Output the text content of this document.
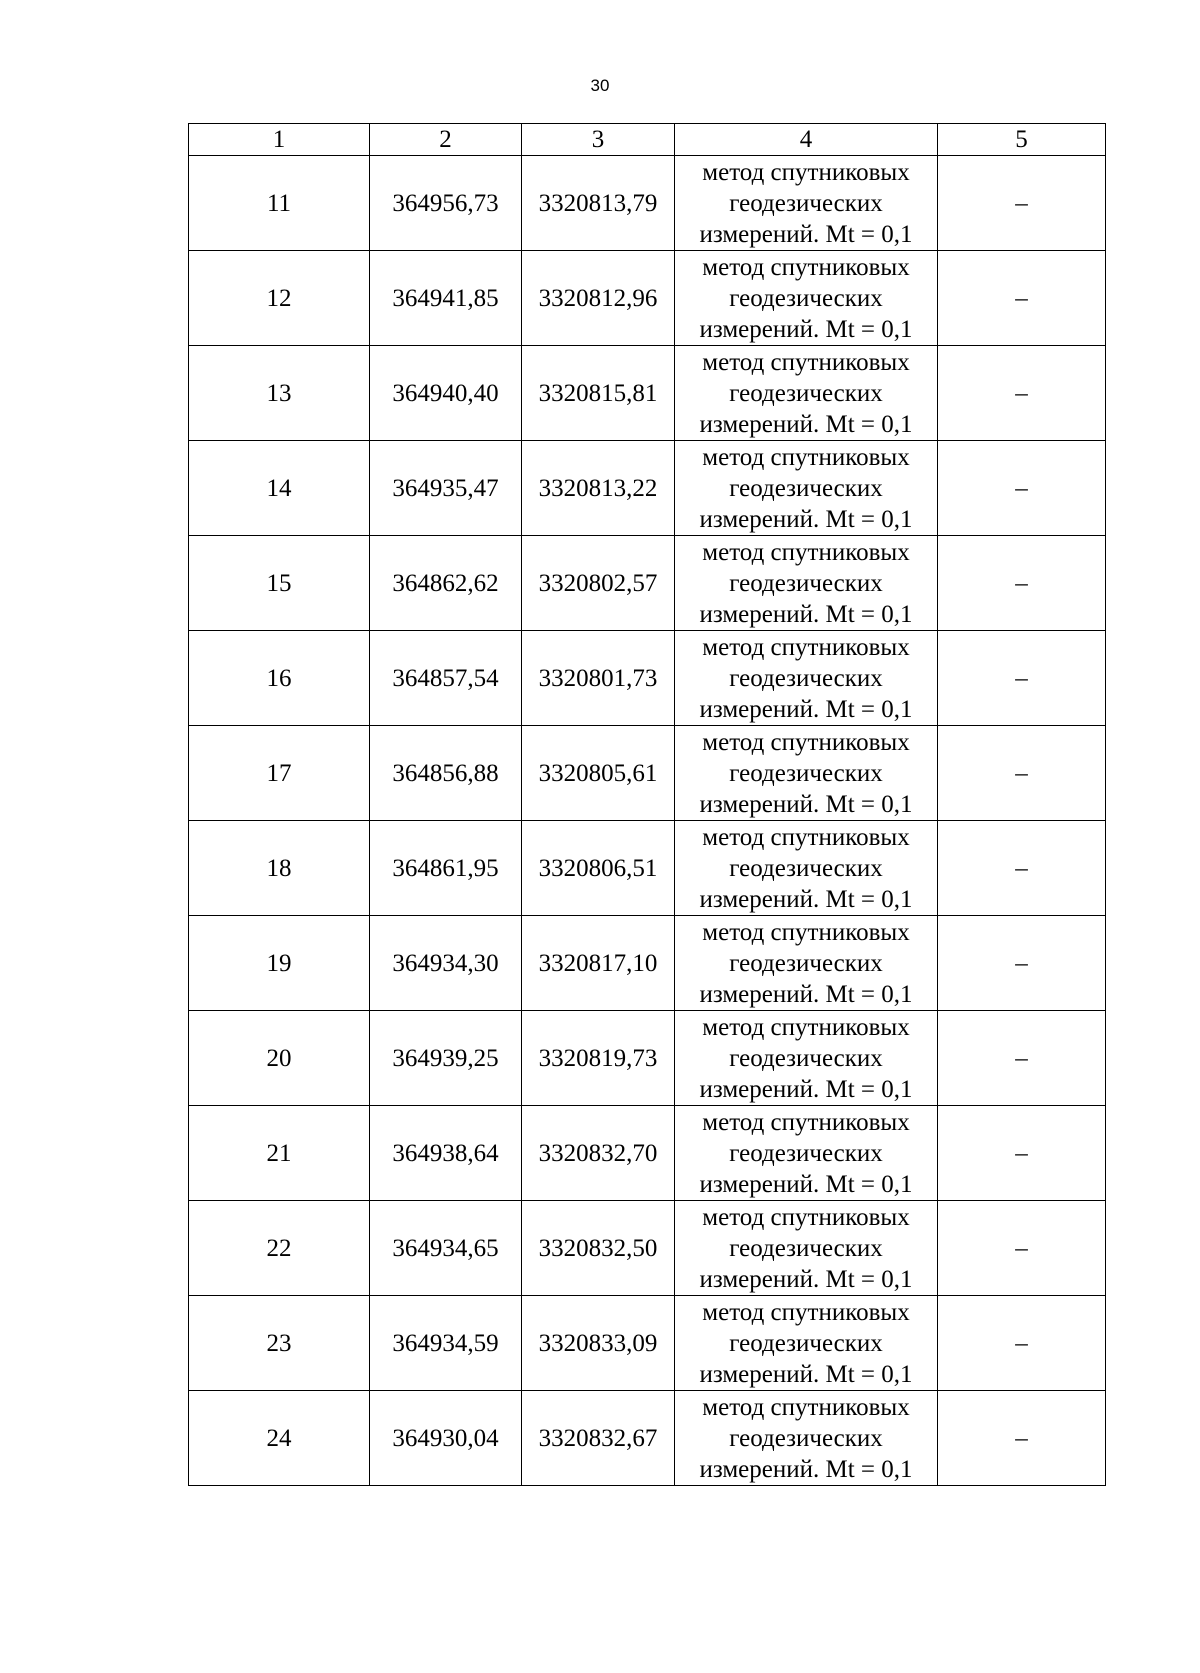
30
1	2	3	4	5
11	364956,73	3320813,79	метод спутниковых
геодезических
измерений. Mt = 0,1	–
12	364941,85	3320812,96	метод спутниковых
геодезических
измерений. Mt = 0,1	–
13	364940,40	3320815,81	метод спутниковых
геодезических
измерений. Mt = 0,1	–
14	364935,47	3320813,22	метод спутниковых
геодезических
измерений. Mt = 0,1	–
15	364862,62	3320802,57	метод спутниковых
геодезических
измерений. Mt = 0,1	–
16	364857,54	3320801,73	метод спутниковых
геодезических
измерений. Mt = 0,1	–
17	364856,88	3320805,61	метод спутниковых
геодезических
измерений. Mt = 0,1	–
18	364861,95	3320806,51	метод спутниковых
геодезических
измерений. Mt = 0,1	–
19	364934,30	3320817,10	метод спутниковых
геодезических
измерений. Mt = 0,1	–
20	364939,25	3320819,73	метод спутниковых
геодезических
измерений. Mt = 0,1	–
21	364938,64	3320832,70	метод спутниковых
геодезических
измерений. Mt = 0,1	–
22	364934,65	3320832,50	метод спутниковых
геодезических
измерений. Mt = 0,1	–
23	364934,59	3320833,09	метод спутниковых
геодезических
измерений. Mt = 0,1	–
24	364930,04	3320832,67	метод спутниковых
геодезических
измерений. Mt = 0,1	–
